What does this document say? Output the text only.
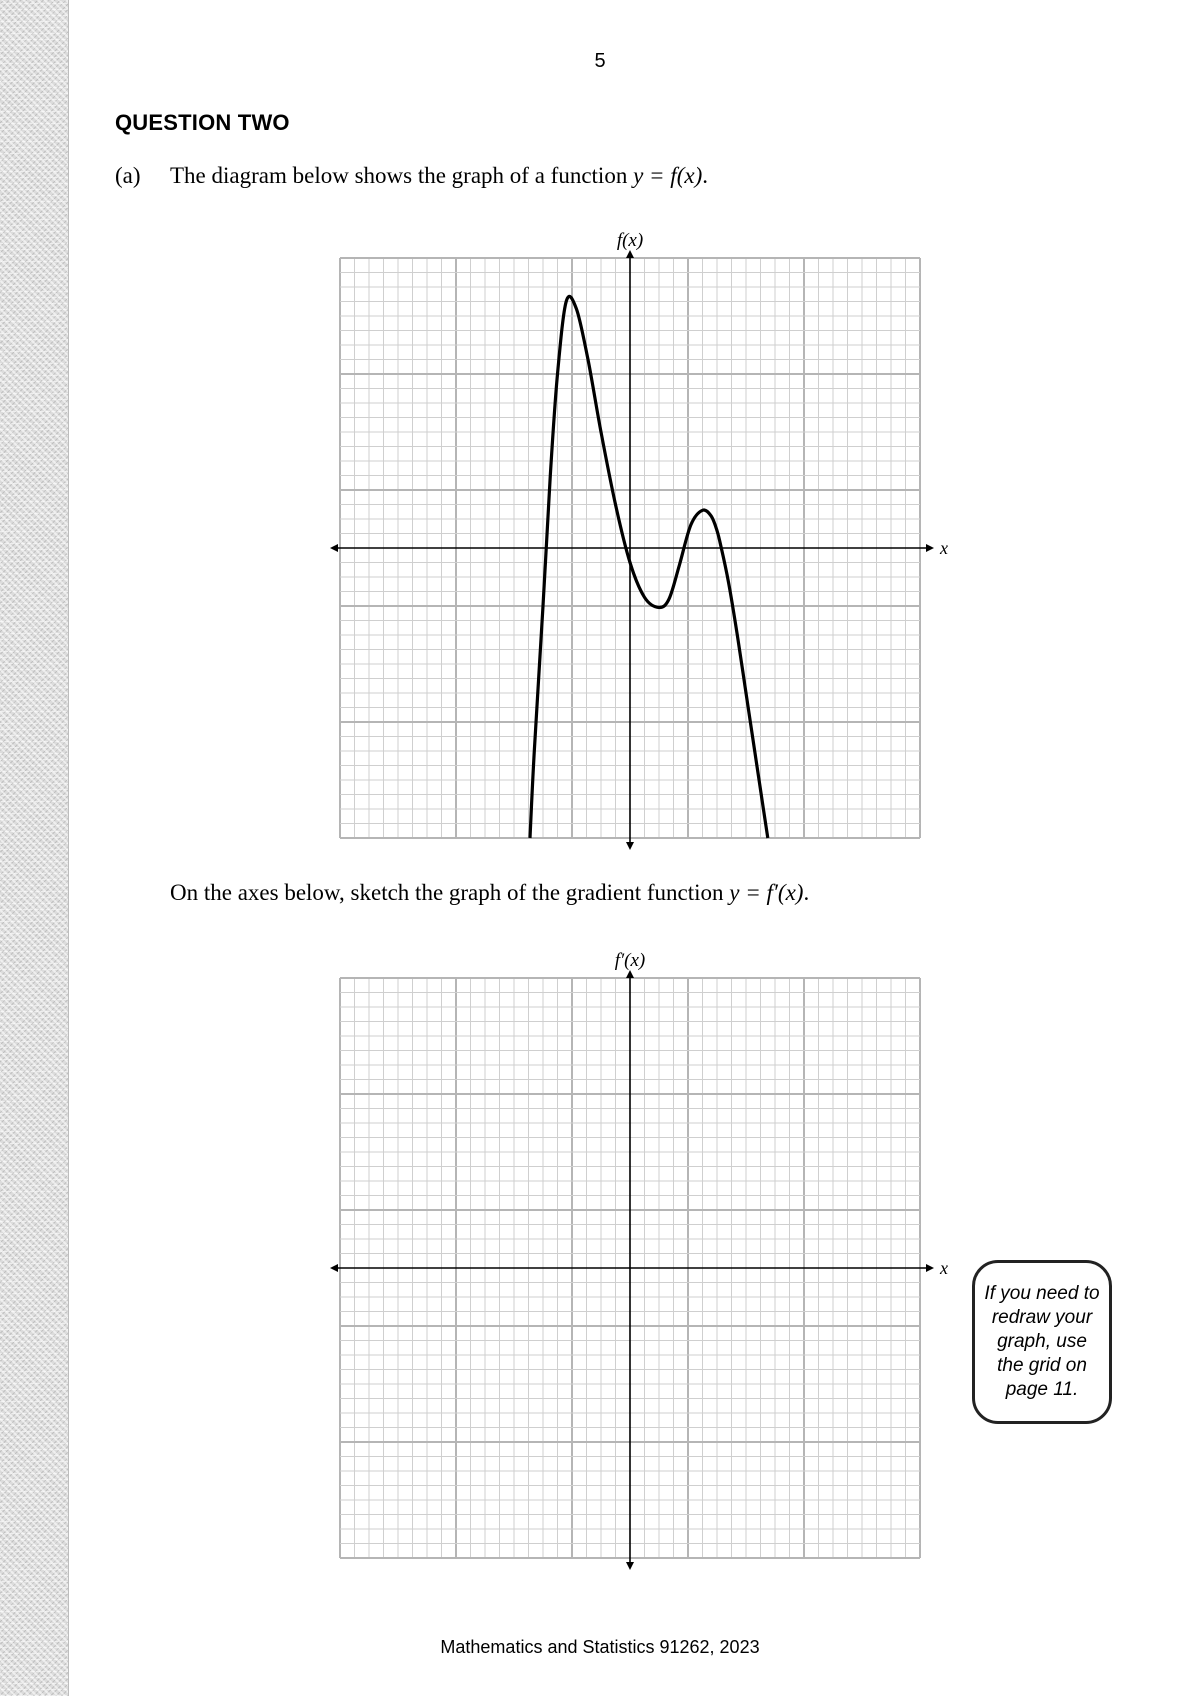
5
QUESTION TWO
(a) The diagram below shows the graph of a function y = f(x).
f(x)
x
On the axes below, sketch the graph of the gradient function y = f′(x).
f′(x)
x
If you need to redraw your graph, use the grid on page 11.
Mathematics and Statistics 91262, 2023
